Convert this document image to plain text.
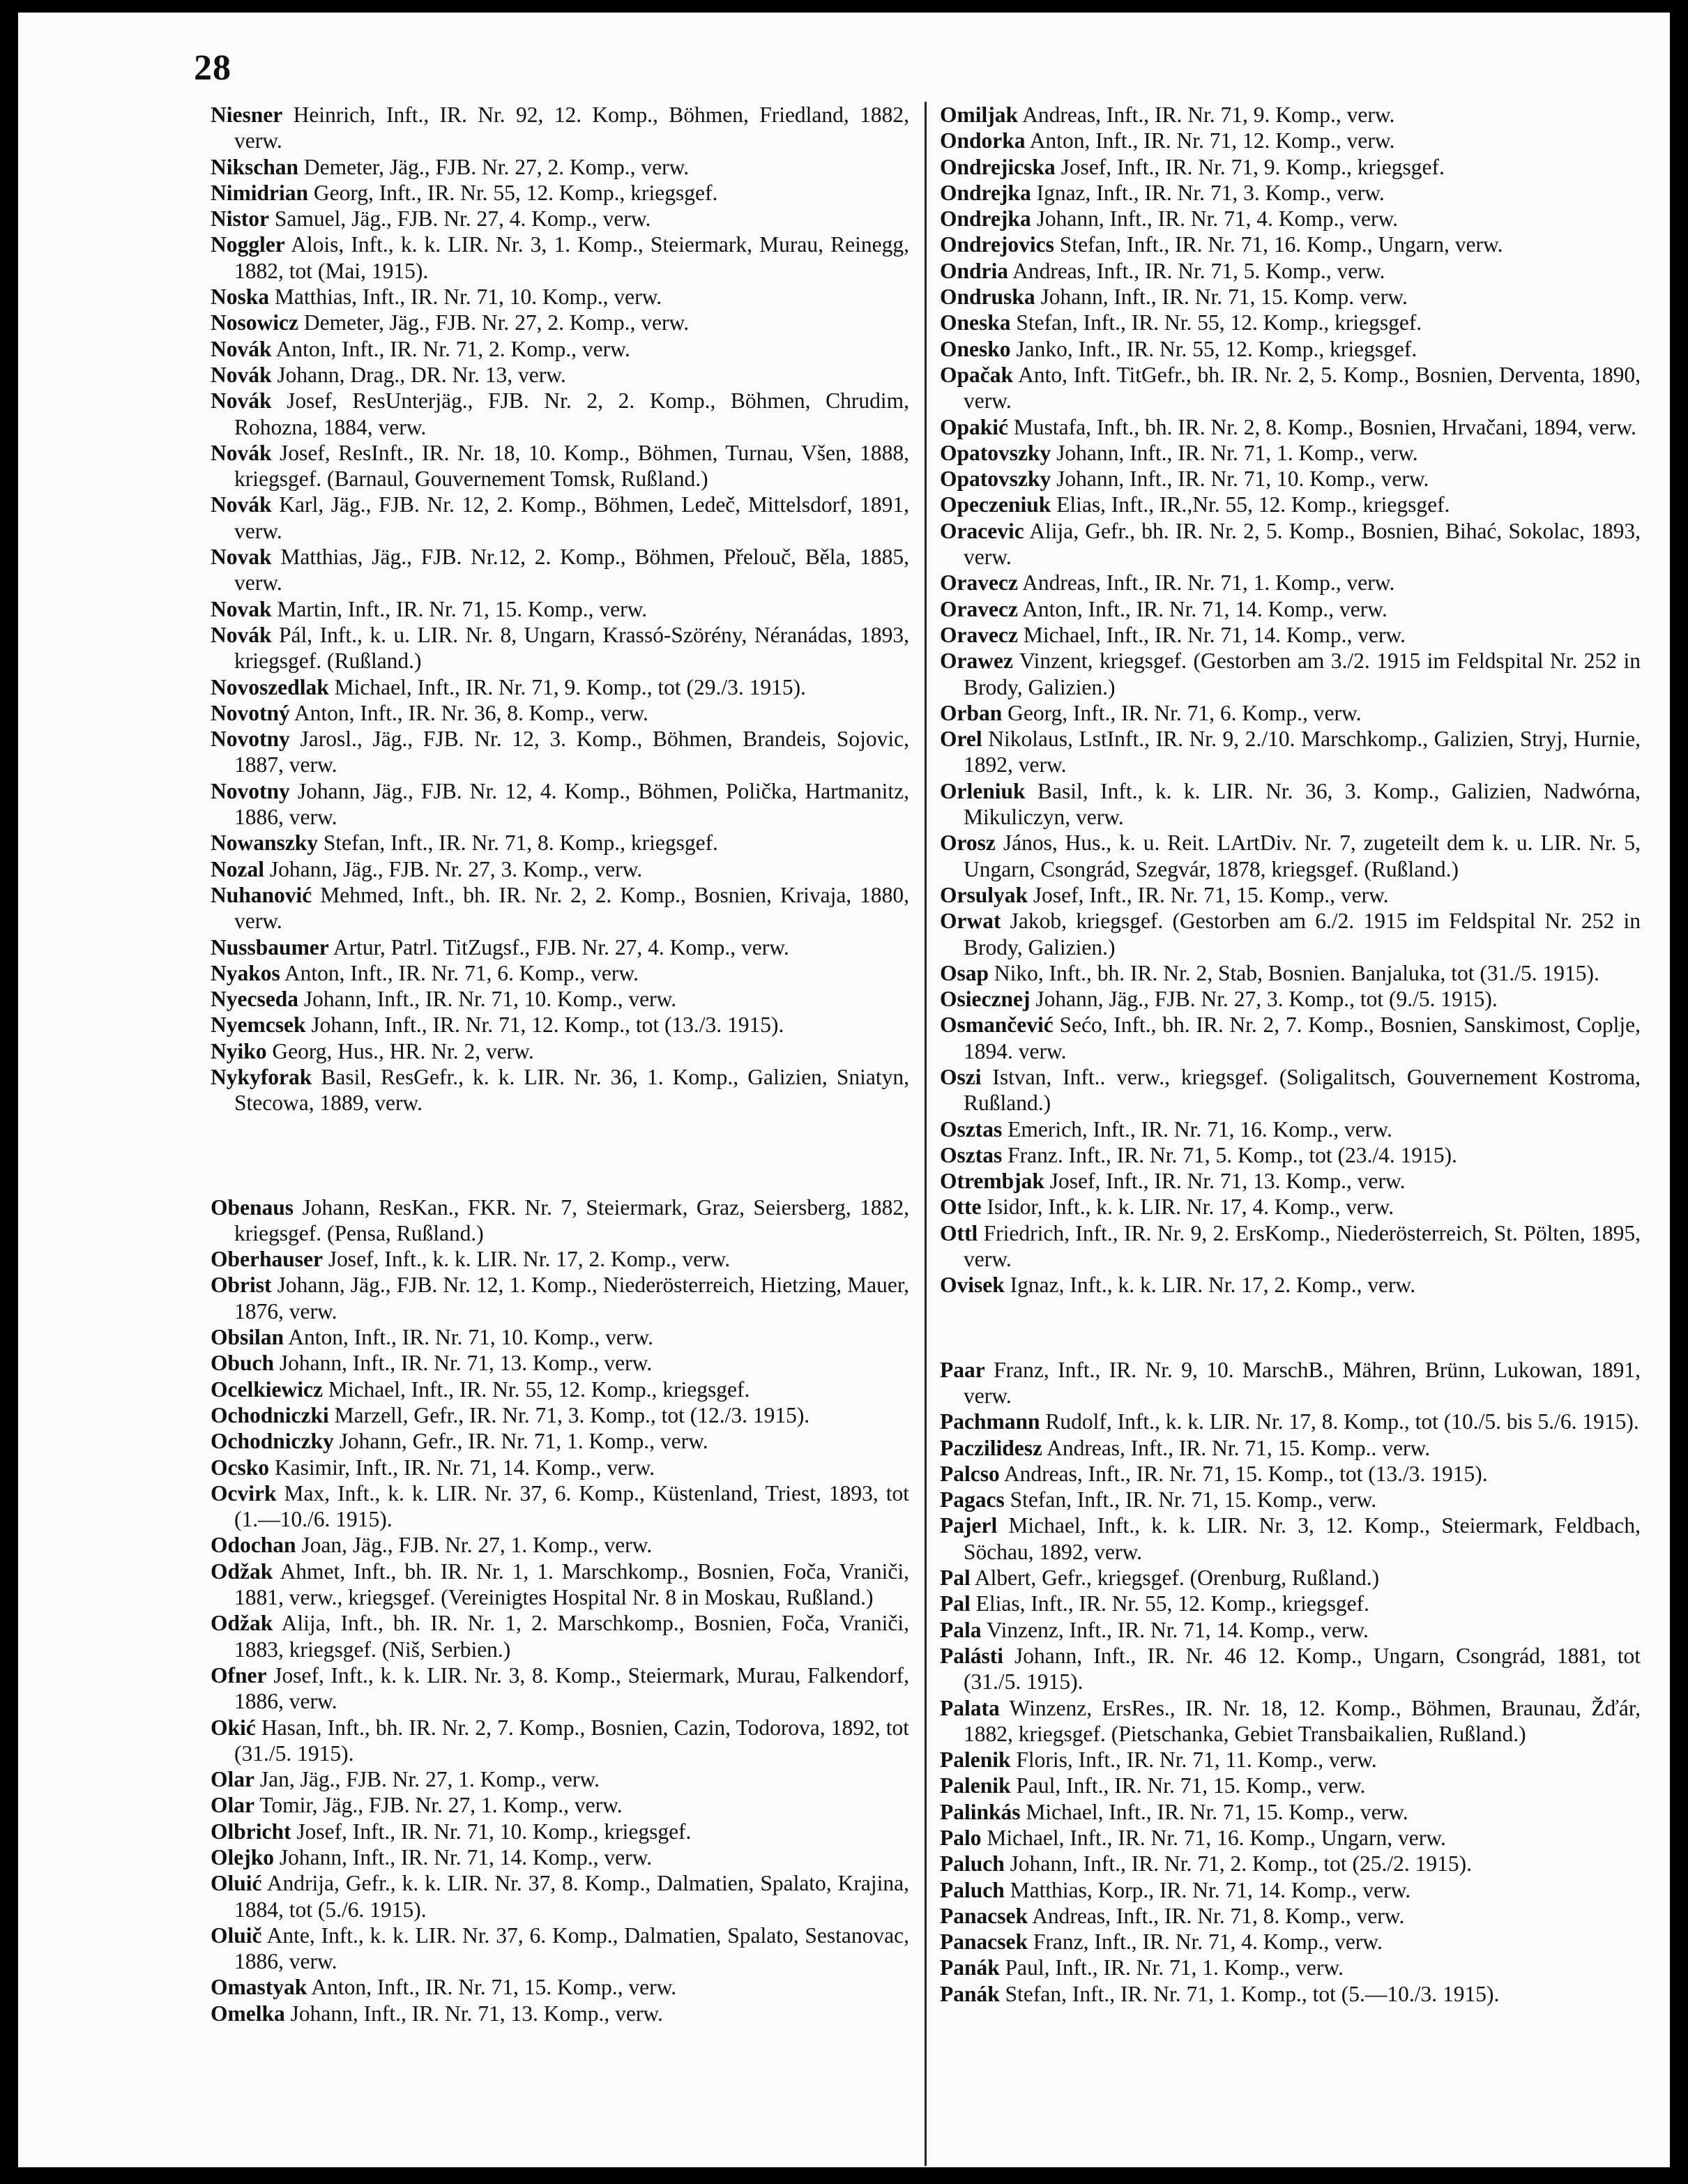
28

Niesner Heinrich, Inft., IR. Nr. 92, 12. Komp., Böhmen, Friedland, 1882, verw.

Nikschan Demeter, Jäg., FJB. Nr. 27, 2. Komp., verw.

Nimidrian Georg, Inft., IR. Nr. 55, 12. Komp., kriegsgef.

Nistor Samuel, Jäg., FJB. Nr. 27, 4. Komp., verw.

Noggler Alois, Inft., k. k. LIR. Nr. 3, 1. Komp., Steiermark, Murau, Reinegg, 1882, tot (Mai, 1915).

Noska Matthias, Inft., IR. Nr. 71, 10. Komp., verw.

Nosowicz Demeter, Jäg., FJB. Nr. 27, 2. Komp., verw.

Novák Anton, Inft., IR. Nr. 71, 2. Komp., verw.

Novák Johann, Drag., DR. Nr. 13, verw.

Novák Josef, ResUnterjäg., FJB. Nr. 2, 2. Komp., Böhmen, Chrudim, Rohozna, 1884, verw.

Novák Josef, ResInft., IR. Nr. 18, 10. Komp., Böhmen, Turnau, Všen, 1888, kriegsgef. (Barnaul, Gouvernement Tomsk, Rußland.)

Novák Karl, Jäg., FJB. Nr. 12, 2. Komp., Böhmen, Ledeč, Mittelsdorf, 1891, verw.

Novak Matthias, Jäg., FJB. Nr.12, 2. Komp., Böhmen, Přelouč, Běla, 1885, verw.

Novak Martin, Inft., IR. Nr. 71, 15. Komp., verw.

Novák Pál, Inft., k. u. LIR. Nr. 8, Ungarn, Krassó-Szörény, Néranádas, 1893, kriegsgef. (Rußland.)

Novoszedlak Michael, Inft., IR. Nr. 71, 9. Komp., tot (29./3. 1915).

Novotný Anton, Inft., IR. Nr. 36, 8. Komp., verw.

Novotny Jarosl., Jäg., FJB. Nr. 12, 3. Komp., Böhmen, Brandeis, Sojovic, 1887, verw.

Novotny Johann, Jäg., FJB. Nr. 12, 4. Komp., Böhmen, Polička, Hartmanitz, 1886, verw.

Nowanszky Stefan, Inft., IR. Nr. 71, 8. Komp., kriegsgef.

Nozal Johann, Jäg., FJB. Nr. 27, 3. Komp., verw.

Nuhanović Mehmed, Inft., bh. IR. Nr. 2, 2. Komp., Bosnien, Krivaja, 1880, verw.

Nussbaumer Artur, Patrl. TitZugsf., FJB. Nr. 27, 4. Komp., verw.

Nyakos Anton, Inft., IR. Nr. 71, 6. Komp., verw.

Nyecseda Johann, Inft., IR. Nr. 71, 10. Komp., verw.

Nyemcsek Johann, Inft., IR. Nr. 71, 12. Komp., tot (13./3. 1915).

Nyiko Georg, Hus., HR. Nr. 2, verw.

Nykyforak Basil, ResGefr., k. k. LIR. Nr. 36, 1. Komp., Galizien, Sniatyn, Stecowa, 1889, verw.

Obenaus Johann, ResKan., FKR. Nr. 7, Steiermark, Graz, Seiersberg, 1882, kriegsgef. (Pensa, Rußland.)

Oberhauser Josef, Inft., k. k. LIR. Nr. 17, 2. Komp., verw.

Obrist Johann, Jäg., FJB. Nr. 12, 1. Komp., Niederösterreich, Hietzing, Mauer, 1876, verw.

Obsilan Anton, Inft., IR. Nr. 71, 10. Komp., verw.

Obuch Johann, Inft., IR. Nr. 71, 13. Komp., verw.

Ocelkiewicz Michael, Inft., IR. Nr. 55, 12. Komp., kriegsgef.

Ochodniczki Marzell, Gefr., IR. Nr. 71, 3. Komp., tot (12./3. 1915).

Ochodniczky Johann, Gefr., IR. Nr. 71, 1. Komp., verw.

Ocsko Kasimir, Inft., IR. Nr. 71, 14. Komp., verw.

Ocvirk Max, Inft., k. k. LIR. Nr. 37, 6. Komp., Küstenland, Triest, 1893, tot (1.—10./6. 1915).

Odochan Joan, Jäg., FJB. Nr. 27, 1. Komp., verw.

Odžak Ahmet, Inft., bh. IR. Nr. 1, 1. Marschkomp., Bosnien, Foča, Vraniči, 1881, verw., kriegsgef. (Vereinigtes Hospital Nr. 8 in Moskau, Rußland.)

Odžak Alija, Inft., bh. IR. Nr. 1, 2. Marschkomp., Bosnien, Foča, Vraniči, 1883, kriegsgef. (Niš, Serbien.)

Ofner Josef, Inft., k. k. LIR. Nr. 3, 8. Komp., Steiermark, Murau, Falkendorf, 1886, verw.

Okić Hasan, Inft., bh. IR. Nr. 2, 7. Komp., Bosnien, Cazin, Todorova, 1892, tot (31./5. 1915).

Olar Jan, Jäg., FJB. Nr. 27, 1. Komp., verw.

Olar Tomir, Jäg., FJB. Nr. 27, 1. Komp., verw.

Olbricht Josef, Inft., IR. Nr. 71, 10. Komp., kriegsgef.

Olejko Johann, Inft., IR. Nr. 71, 14. Komp., verw.

Oluić Andrija, Gefr., k. k. LIR. Nr. 37, 8. Komp., Dalmatien, Spalato, Krajina, 1884, tot (5./6. 1915).

Oluič Ante, Inft., k. k. LIR. Nr. 37, 6. Komp., Dalmatien, Spalato, Sestanovac, 1886, verw.

Omastyak Anton, Inft., IR. Nr. 71, 15. Komp., verw.

Omelka Johann, Inft., IR. Nr. 71, 13. Komp., verw.

Omiljak Andreas, Inft., IR. Nr. 71, 9. Komp., verw.

Ondorka Anton, Inft., IR. Nr. 71, 12. Komp., verw.

Ondrejicska Josef, Inft., IR. Nr. 71, 9. Komp., kriegsgef.

Ondrejka Ignaz, Inft., IR. Nr. 71, 3. Komp., verw.

Ondrejka Johann, Inft., IR. Nr. 71, 4. Komp., verw.

Ondrejovics Stefan, Inft., IR. Nr. 71, 16. Komp., Ungarn, verw.

Ondria Andreas, Inft., IR. Nr. 71, 5. Komp., verw.

Ondruska Johann, Inft., IR. Nr. 71, 15. Komp. verw.

Oneska Stefan, Inft., IR. Nr. 55, 12. Komp., kriegsgef.

Onesko Janko, Inft., IR. Nr. 55, 12. Komp., kriegsgef.

Opačak Anto, Inft. TitGefr., bh. IR. Nr. 2, 5. Komp., Bosnien, Derventa, 1890, verw.

Opakić Mustafa, Inft., bh. IR. Nr. 2, 8. Komp., Bosnien, Hrvačani, 1894, verw.

Opatovszky Johann, Inft., IR. Nr. 71, 1. Komp., verw.

Opatovszky Johann, Inft., IR. Nr. 71, 10. Komp., verw.

Opeczeniuk Elias, Inft., IR.,Nr. 55, 12. Komp., kriegsgef.

Oracevic Alija, Gefr., bh. IR. Nr. 2, 5. Komp., Bosnien, Bihać, Sokolac, 1893, verw.

Oravecz Andreas, Inft., IR. Nr. 71, 1. Komp., verw.

Oravecz Anton, Inft., IR. Nr. 71, 14. Komp., verw.

Oravecz Michael, Inft., IR. Nr. 71, 14. Komp., verw.

Orawez Vinzent, kriegsgef. (Gestorben am 3./2. 1915 im Feldspital Nr. 252 in Brody, Galizien.)

Orban Georg, Inft., IR. Nr. 71, 6. Komp., verw.

Orel Nikolaus, LstInft., IR. Nr. 9, 2./10. Marschkomp., Galizien, Stryj, Hurnie, 1892, verw.

Orleniuk Basil, Inft., k. k. LIR. Nr. 36, 3. Komp., Galizien, Nadwórna, Mikuliczyn, verw.

Orosz János, Hus., k. u. Reit. LArtDiv. Nr. 7, zugeteilt dem k. u. LIR. Nr. 5, Ungarn, Csongrád, Szegvár, 1878, kriegsgef. (Rußland.)

Orsulyak Josef, Inft., IR. Nr. 71, 15. Komp., verw.

Orwat Jakob, kriegsgef. (Gestorben am 6./2. 1915 im Feldspital Nr. 252 in Brody, Galizien.)

Osap Niko, Inft., bh. IR. Nr. 2, Stab, Bosnien. Banjaluka, tot (31./5. 1915).

Osiecznej Johann, Jäg., FJB. Nr. 27, 3. Komp., tot (9./5. 1915).

Osmančević Sećo, Inft., bh. IR. Nr. 2, 7. Komp., Bosnien, Sanskimost, Coplje, 1894. verw.

Oszi Istvan, Inft.. verw., kriegsgef. (Soligalitsch, Gouvernement Kostroma, Rußland.)

Osztas Emerich, Inft., IR. Nr. 71, 16. Komp., verw.

Osztas Franz. Inft., IR. Nr. 71, 5. Komp., tot (23./4. 1915).

Otrembjak Josef, Inft., IR. Nr. 71, 13. Komp., verw.

Otte Isidor, Inft., k. k. LIR. Nr. 17, 4. Komp., verw.

Ottl Friedrich, Inft., IR. Nr. 9, 2. ErsKomp., Niederösterreich, St. Pölten, 1895, verw.

Ovisek Ignaz, Inft., k. k. LIR. Nr. 17, 2. Komp., verw.

Paar Franz, Inft., IR. Nr. 9, 10. MarschB., Mähren, Brünn, Lukowan, 1891, verw.

Pachmann Rudolf, Inft., k. k. LIR. Nr. 17, 8. Komp., tot (10./5. bis 5./6. 1915).

Paczilidesz Andreas, Inft., IR. Nr. 71, 15. Komp.. verw.

Palcso Andreas, Inft., IR. Nr. 71, 15. Komp., tot (13./3. 1915).

Pagacs Stefan, Inft., IR. Nr. 71, 15. Komp., verw.

Pajerl Michael, Inft., k. k. LIR. Nr. 3, 12. Komp., Steiermark, Feldbach, Söchau, 1892, verw.

Pal Albert, Gefr., kriegsgef. (Orenburg, Rußland.)

Pal Elias, Inft., IR. Nr. 55, 12. Komp., kriegsgef.

Pala Vinzenz, Inft., IR. Nr. 71, 14. Komp., verw.

Palásti Johann, Inft., IR. Nr. 46 12. Komp., Ungarn, Csongrád, 1881, tot (31./5. 1915).

Palata Winzenz, ErsRes., IR. Nr. 18, 12. Komp., Böhmen, Braunau, Žďár, 1882, kriegsgef. (Pietschanka, Gebiet Transbaikalien, Rußland.)

Palenik Floris, Inft., IR. Nr. 71, 11. Komp., verw.

Palenik Paul, Inft., IR. Nr. 71, 15. Komp., verw.

Palinkás Michael, Inft., IR. Nr. 71, 15. Komp., verw.

Palo Michael, Inft., IR. Nr. 71, 16. Komp., Ungarn, verw.

Paluch Johann, Inft., IR. Nr. 71, 2. Komp., tot (25./2. 1915).

Paluch Matthias, Korp., IR. Nr. 71, 14. Komp., verw.

Panacsek Andreas, Inft., IR. Nr. 71, 8. Komp., verw.

Panacsek Franz, Inft., IR. Nr. 71, 4. Komp., verw.

Panák Paul, Inft., IR. Nr. 71, 1. Komp., verw.

Panák Stefan, Inft., IR. Nr. 71, 1. Komp., tot (5.—10./3. 1915).
